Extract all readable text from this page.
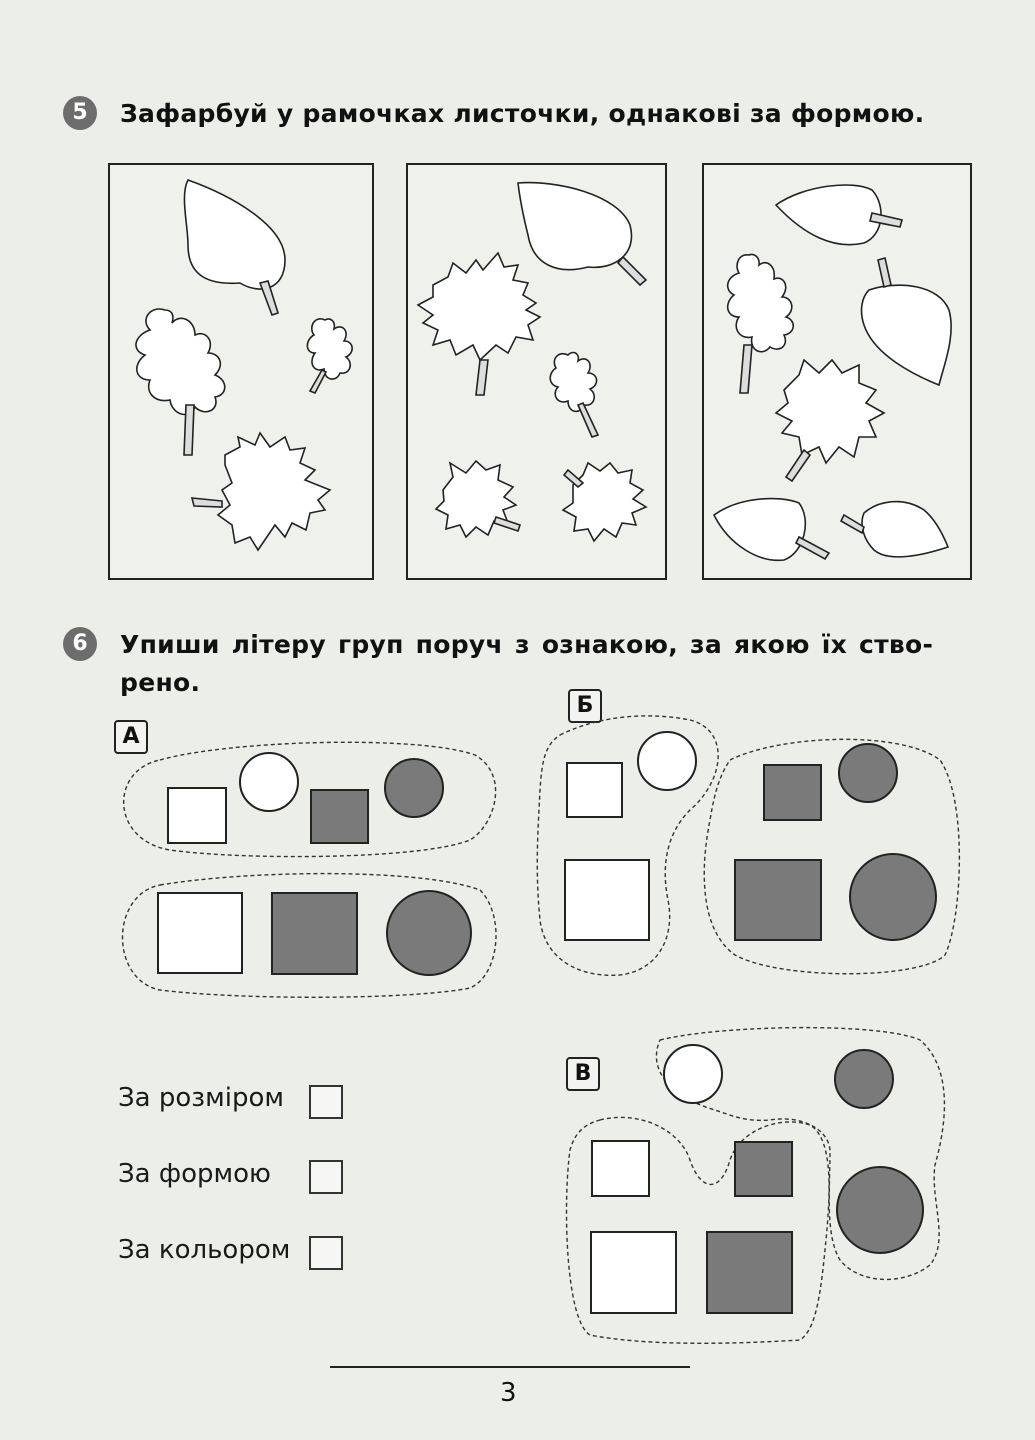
5	Зафарбуй у рамочках листочки, однакові за формою.
6	Упиши літеру груп поруч з ознакою, за якою їх ство-
рено.
А
Б
В
За розміром
За формою
За кольором
3
